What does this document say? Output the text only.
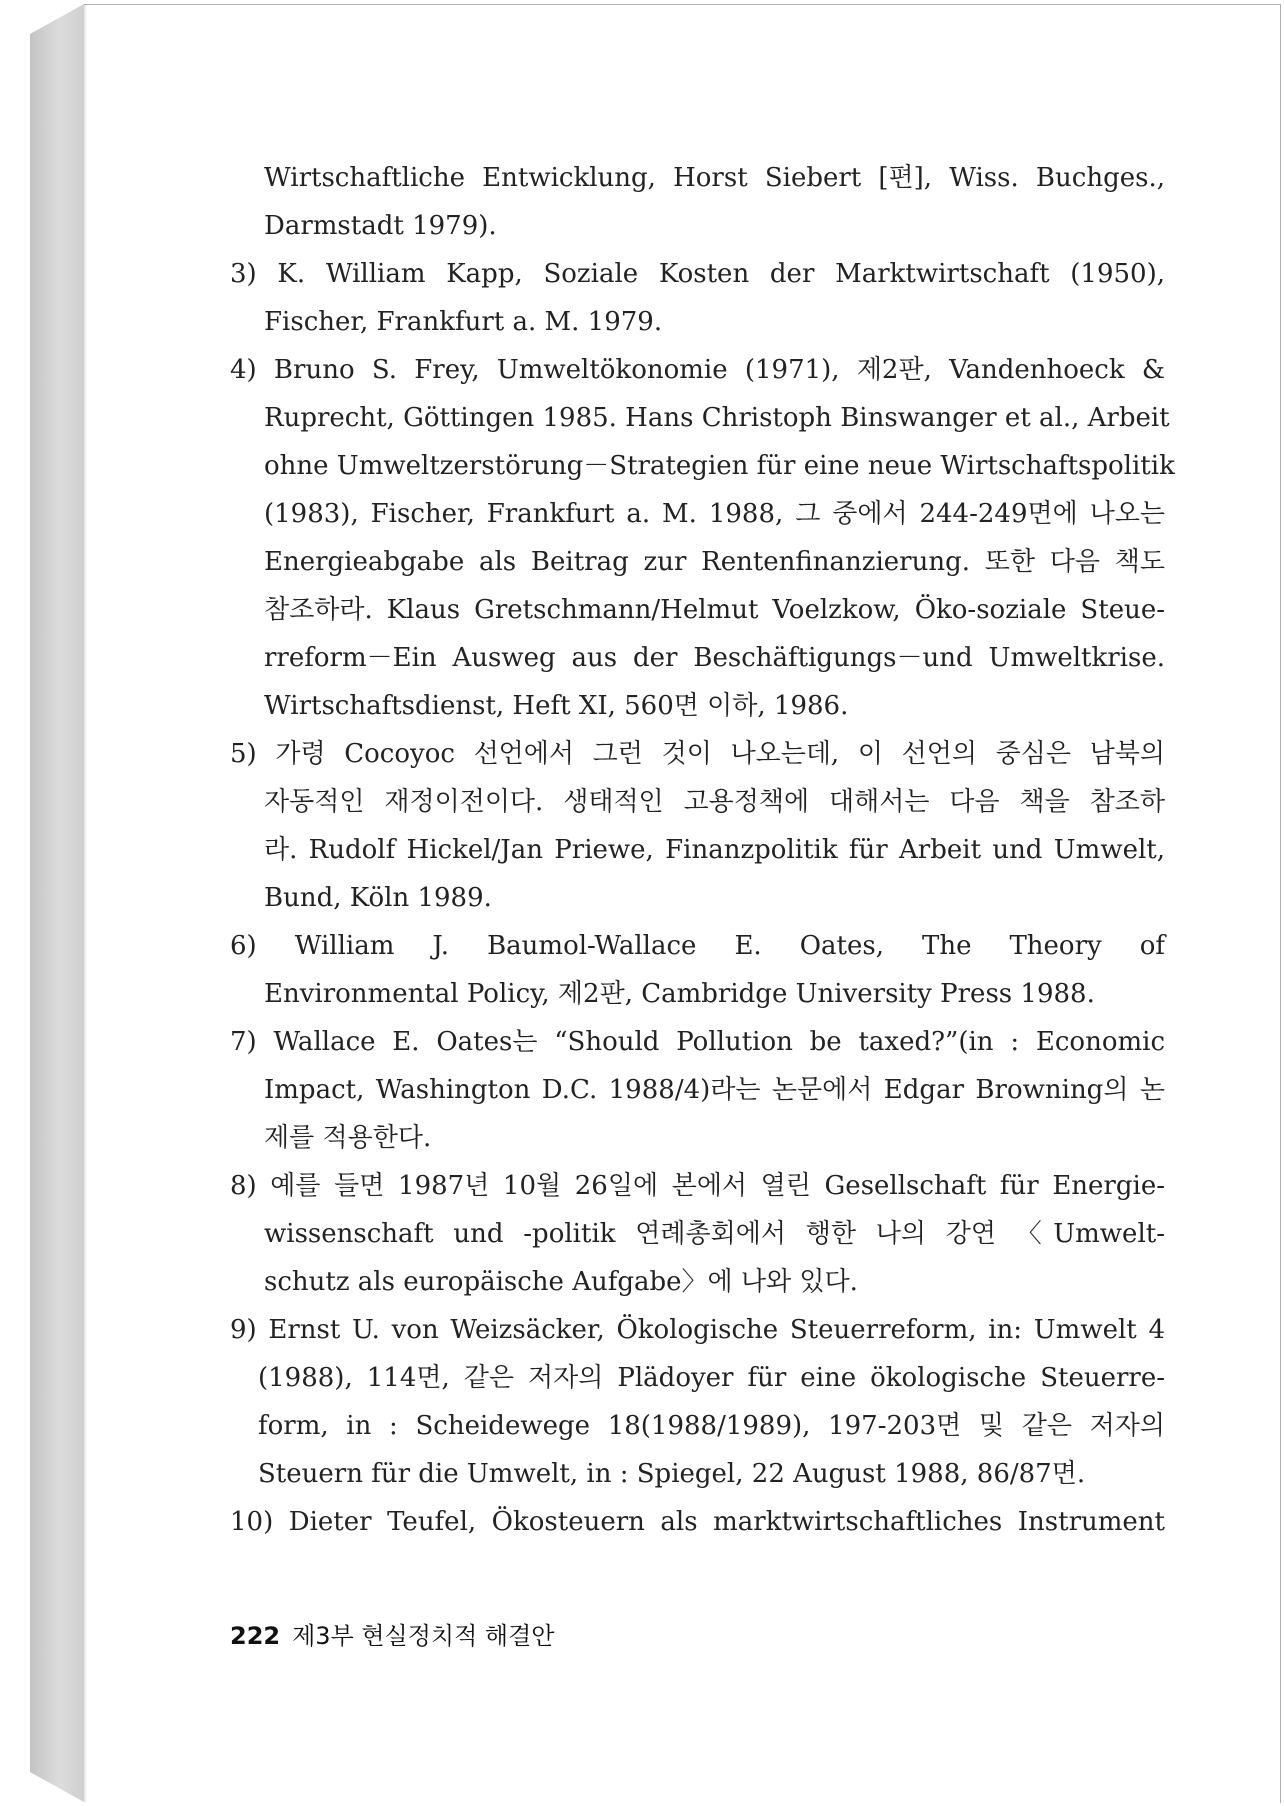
Wirtschaftliche Entwicklung, Horst Siebert [편], Wiss. Buchges.,
Darmstadt 1979).
3) K. William Kapp, Soziale Kosten der Marktwirtschaft (1950),
Fischer, Frankfurt a. M. 1979.
4) Bruno S. Frey, Umweltökonomie (1971), 제2판, Vandenhoeck &
Ruprecht, Göttingen 1985. Hans Christoph Binswanger et al., Arbeit
ohne Umweltzerstörung－Strategien für eine neue Wirtschaftspolitik
(1983), Fischer, Frankfurt a. M. 1988, 그 중에서 244-249면에 나오는
Energieabgabe als Beitrag zur Rentenfinanzierung. 또한 다음 책도
참조하라. Klaus Gretschmann/Helmut Voelzkow, Öko-soziale Steue-
rreform－Ein Ausweg aus der Beschäftigungs－und Umweltkrise.
Wirtschaftsdienst, Heft XI, 560면 이하, 1986.
5) 가령 Cocoyoc 선언에서 그런 것이 나오는데, 이 선언의 중심은 남북의
자동적인 재정이전이다. 생태적인 고용정책에 대해서는 다음 책을 참조하
라. Rudolf Hickel/Jan Priewe, Finanzpolitik für Arbeit und Umwelt,
Bund, Köln 1989.
6) William J. Baumol-Wallace E. Oates, The Theory of
Environmental Policy, 제2판, Cambridge University Press 1988.
7) Wallace E. Oates는 “Should Pollution be taxed?”(in : Economic
Impact, Washington D.C. 1988/4)라는 논문에서 Edgar Browning의 논
제를 적용한다.
8) 예를 들면 1987년 10월 26일에 본에서 열린 Gesellschaft für Energie-
wissenschaft und -politik 연례총회에서 행한 나의 강연 〈Umwelt-
schutz als europäische Aufgabe〉에 나와 있다.
9) Ernst U. von Weizsäcker, Ökologische Steuerreform, in: Umwelt 4
(1988), 114면, 같은 저자의 Plädoyer für eine ökologische Steuerre-
form, in : Scheidewege 18(1988/1989), 197-203면 및 같은 저자의
Steuern für die Umwelt, in : Spiegel, 22 August 1988, 86/87면.
10) Dieter Teufel, Ökosteuern als marktwirtschaftliches Instrument
222 제3부 현실정치적 해결안
